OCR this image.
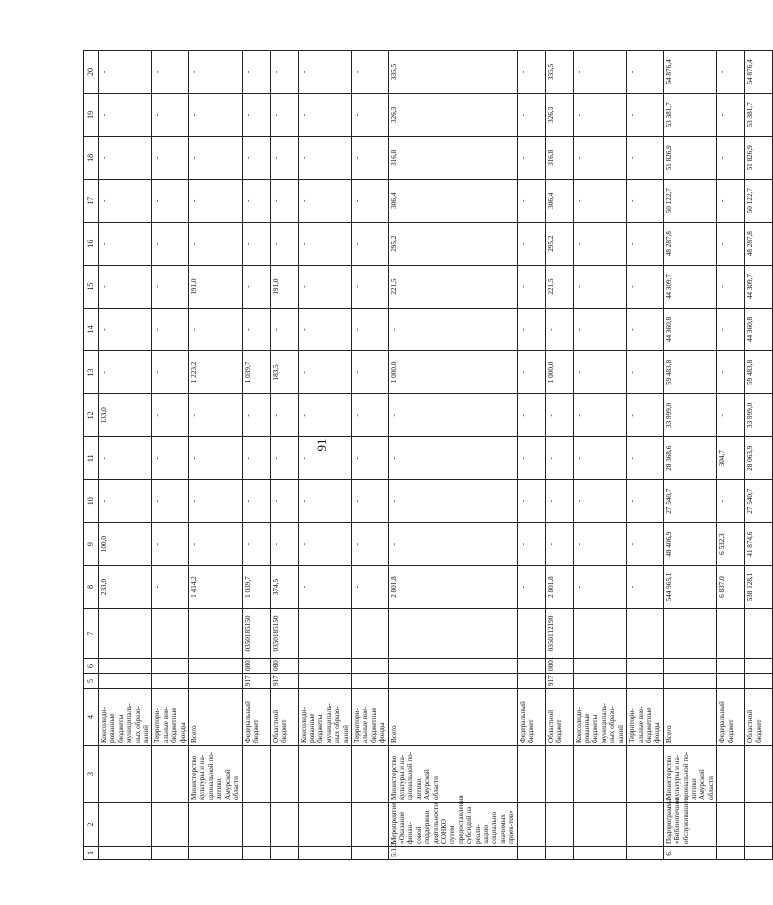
91
1	2	3	4	5	6	7	8	9	10	11	12	13	14	15	16	17	18	19	20
			Консолиди-рованные бюджеты муниципаль-ных образо-ваний				233,0	100,0	-	-	133,0	-	-	-	-	-	-	-	-
			Территори-альные вне-бюджетные фонды				-	-	-	-	-	-	-	-	-	-	-	-	-
		Министерство культуры и на-циональной по-литики Амурской области	Всего				1 414,2	-	-	-	-	1 223,2	-	191,0	-	-	-	-	-
			Федеральный бюджет	917	0801	0350185150	1 039,7	-	-	-	-	1 039,7	-	-	-	-	-	-	-
			Областной бюджет	917	0801	0350185150	374,5	-	-	-	-	183,5	-	191,0	-	-	-	-	-
			Консолиди-рованные бюджеты муниципаль-ных образо-ваний				-	-	-	-	-	-	-	-	-	-	-	-	-
			Территори-альные вне-бюджетные фонды				-	-	-	-	-	-	-	-	-	-	-	-	-
5.1.3.	Мероприятие «Оказание финан-совой поддержки деятельности СОНКО путем предоставления субсидий на реали-зацию социально значимых проек-тов»	Министерство культуры и на-циональной по-литики Амурской области	Всего				2 801,8	-	-	-	-	1 000,0	-	221,5	295,2	306,4	316,8	326,3	335,5
			Федеральный бюджет				-	-	-	-	-	-	-	-	-	-	-	-	-
			Областной бюджет	917	0801	0350112190	2 801,8	-	-	-	-	1 000,0	-	221,5	295,2	306,4	316,8	326,3	335,5
			Консолиди-рованные бюджеты муниципаль-ных образо-ваний				-	-	-	-	-	-	-	-	-	-	-	-	-
			Территори-альные вне-бюджетные фонды				-	-	-	-	-	-	-	-	-	-	-	-	-
6.	Подпрограмма «Библиотечное обслуживание»	Министерство культуры и на-циональной по-литики Амурской области	Всего				544 965,1	48 406,9	27 540,7	28 368,6	33 999,0	59 483,8	44 360,8	44 309,7	48 287,8	50 122,7	51 826,9	53 381,7	54 876,4
			Федеральный бюджет				6 837,0	6 532,3	-	304,7	-	-	-	-	-	-	-	-	-
			Областной бюджет				538 128,1	41 874,6	27 540,7	28 063,9	33 999,0	59 483,8	44 360,8	44 309,7	48 287,8	50 122,7	51 826,9	53 381,7	54 876,4
